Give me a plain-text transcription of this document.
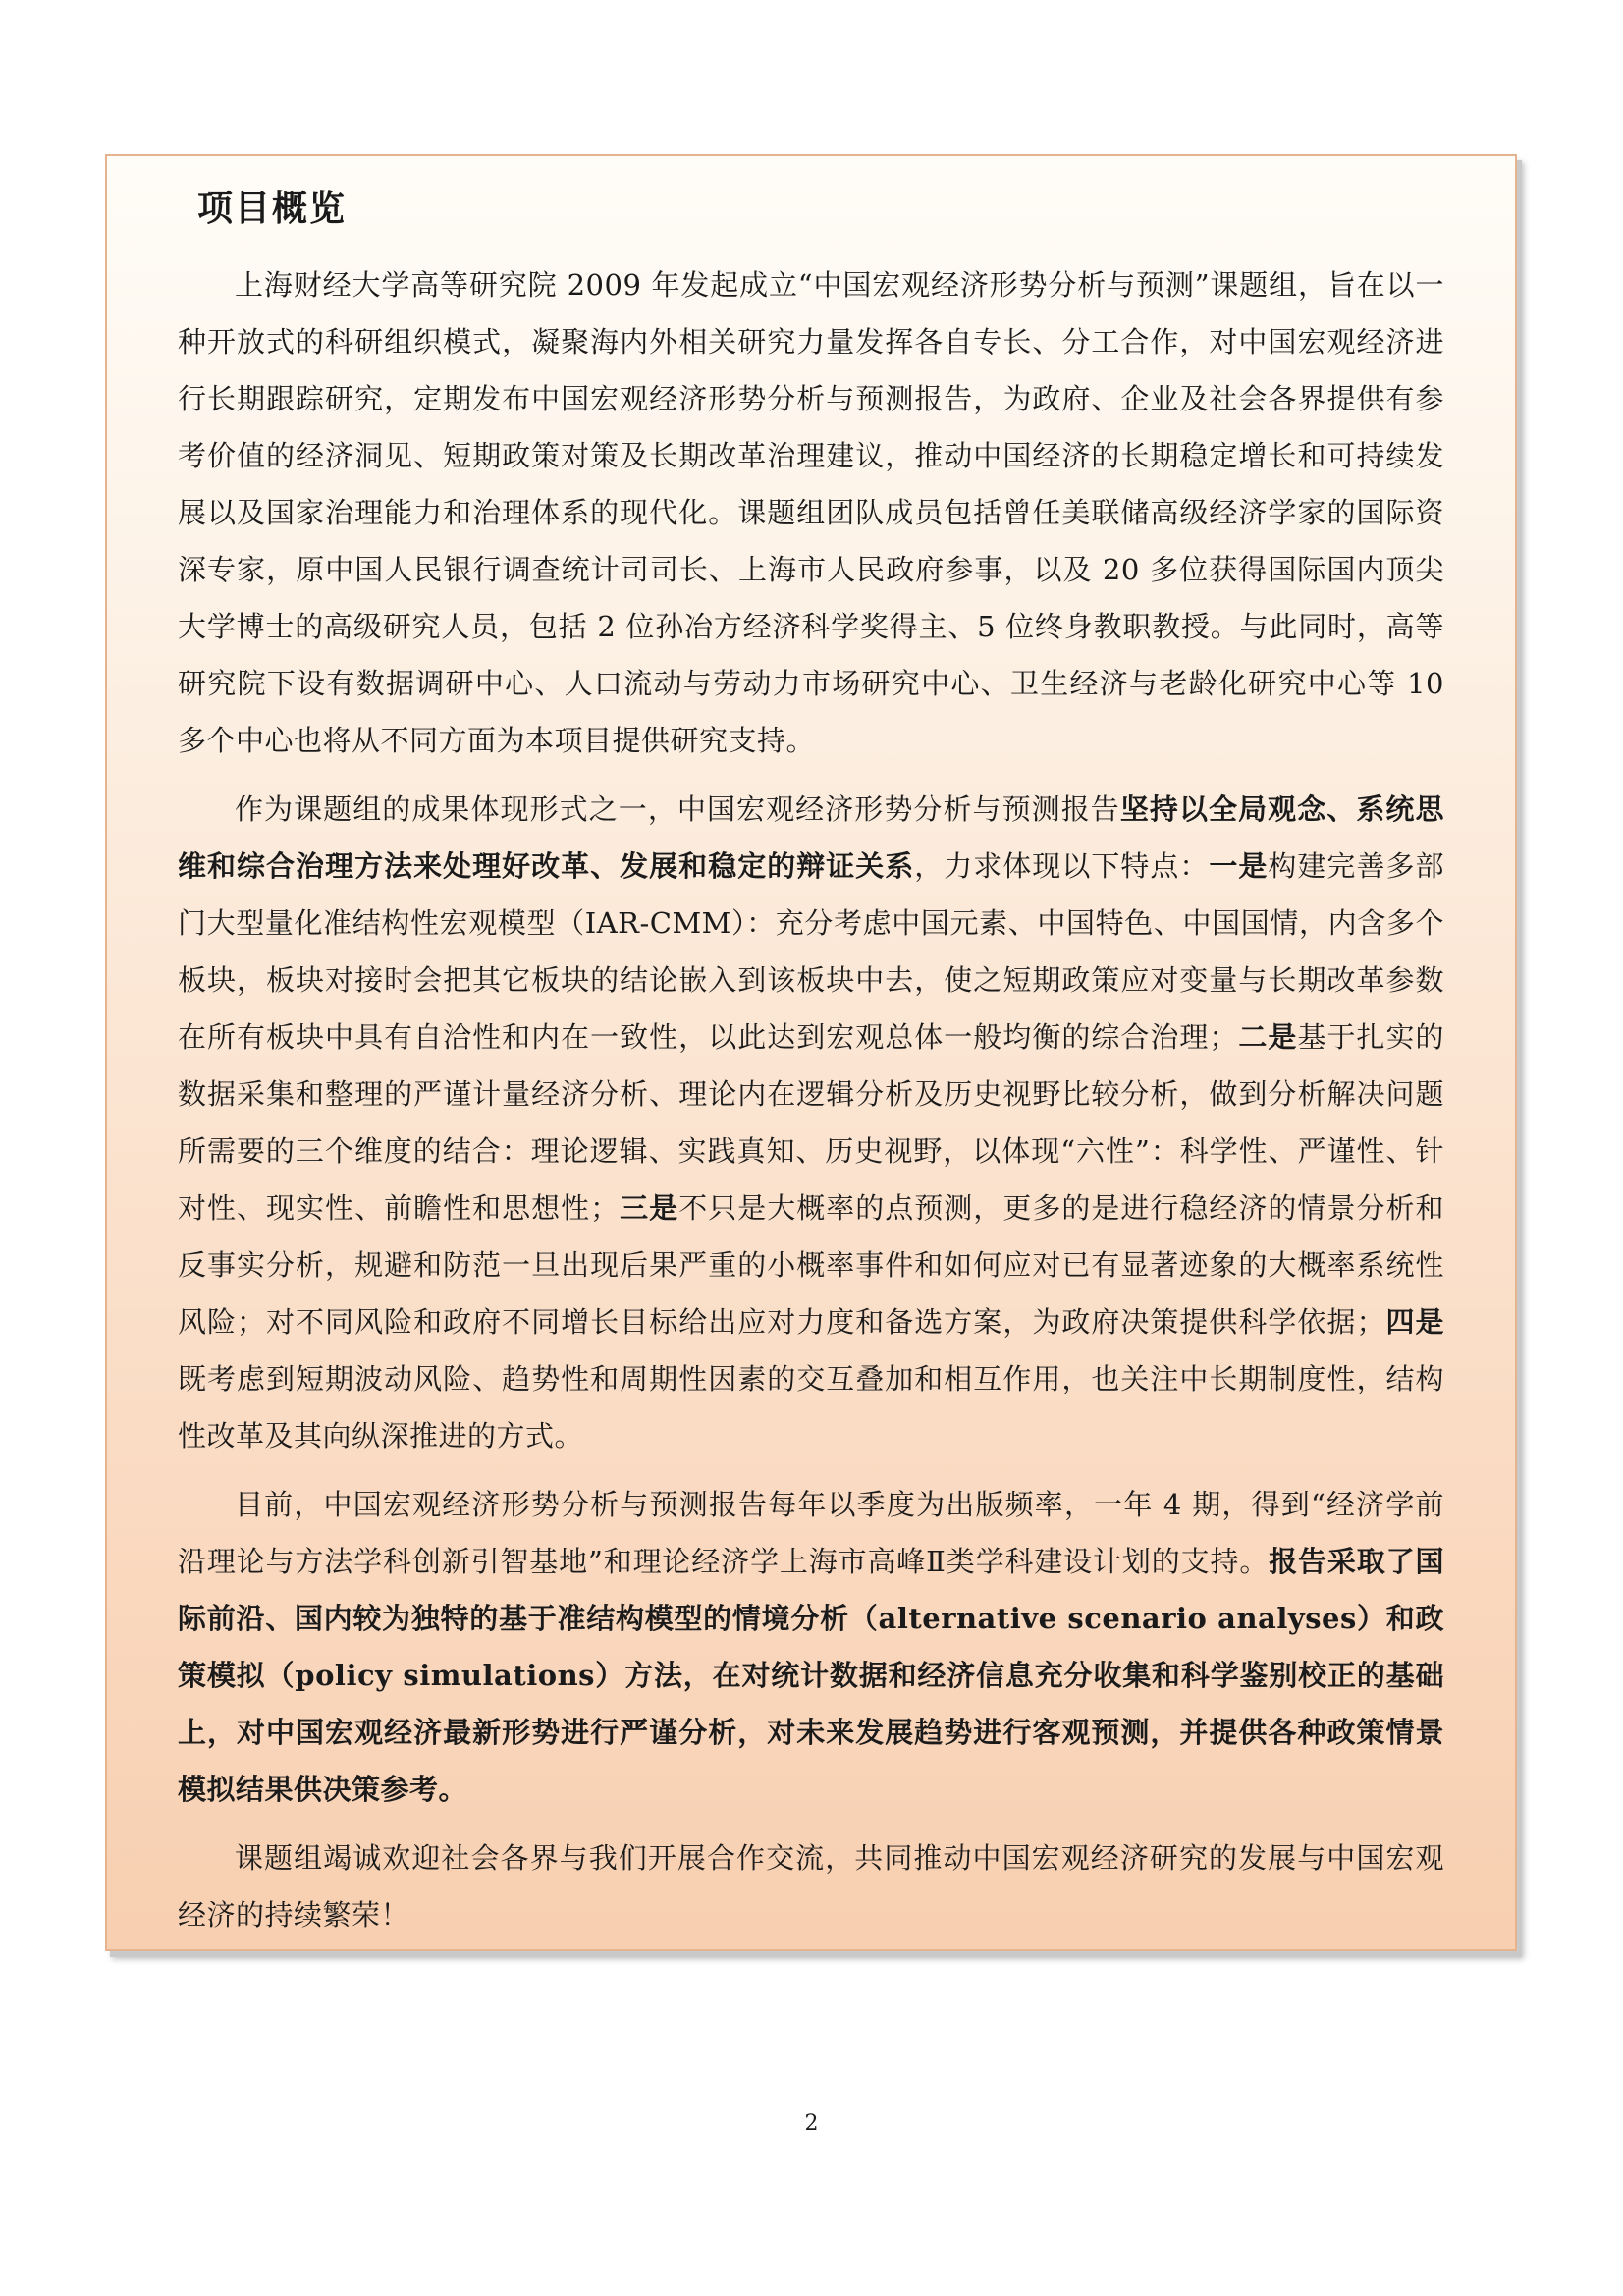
项目概览

上海财经大学高等研究院 2009 年发起成立“中国宏观经济形势分析与预测”课题组，旨在以一种开放式的科研组织模式，凝聚海内外相关研究力量发挥各自专长、分工合作，对中国宏观经济进行长期跟踪研究，定期发布中国宏观经济形势分析与预测报告，为政府、企业及社会各界提供有参考价值的经济洞见、短期政策对策及长期改革治理建议，推动中国经济的长期稳定增长和可持续发展以及国家治理能力和治理体系的现代化。课题组团队成员包括曾任美联储高级经济学家的国际资深专家，原中国人民银行调查统计司司长、上海市人民政府参事，以及 20 多位获得国际国内顶尖大学博士的高级研究人员，包括 2 位孙冶方经济科学奖得主、5 位终身教职教授。与此同时，高等研究院下设有数据调研中心、人口流动与劳动力市场研究中心、卫生经济与老龄化研究中心等 10 多个中心也将从不同方面为本项目提供研究支持。

作为课题组的成果体现形式之一，中国宏观经济形势分析与预测报告坚持以全局观念、系统思维和综合治理方法来处理好改革、发展和稳定的辩证关系，力求体现以下特点：一是构建完善多部门大型量化准结构性宏观模型（IAR-CMM）：充分考虑中国元素、中国特色、中国国情，内含多个板块，板块对接时会把其它板块的结论嵌入到该板块中去，使之短期政策应对变量与长期改革参数在所有板块中具有自洽性和内在一致性，以此达到宏观总体一般均衡的综合治理；二是基于扎实的数据采集和整理的严谨计量经济分析、理论内在逻辑分析及历史视野比较分析，做到分析解决问题所需要的三个维度的结合：理论逻辑、实践真知、历史视野，以体现“六性”：科学性、严谨性、针对性、现实性、前瞻性和思想性；三是不只是大概率的点预测，更多的是进行稳经济的情景分析和反事实分析，规避和防范一旦出现后果严重的小概率事件和如何应对已有显著迹象的大概率系统性风险；对不同风险和政府不同增长目标给出应对力度和备选方案，为政府决策提供科学依据；四是既考虑到短期波动风险、趋势性和周期性因素的交互叠加和相互作用，也关注中长期制度性，结构性改革及其向纵深推进的方式。

目前，中国宏观经济形势分析与预测报告每年以季度为出版频率，一年 4 期，得到“经济学前沿理论与方法学科创新引智基地”和理论经济学上海市高峰Ⅱ类学科建设计划的支持。报告采取了国际前沿、国内较为独特的基于准结构模型的情境分析（alternative scenario analyses）和政策模拟（policy simulations）方法，在对统计数据和经济信息充分收集和科学鉴别校正的基础上，对中国宏观经济最新形势进行严谨分析，对未来发展趋势进行客观预测，并提供各种政策情景模拟结果供决策参考。

课题组竭诚欢迎社会各界与我们开展合作交流，共同推动中国宏观经济研究的发展与中国宏观经济的持续繁荣！

2
